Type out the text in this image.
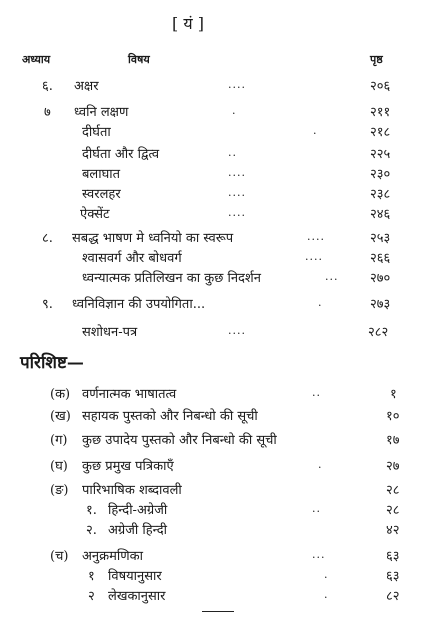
[ यं ]
अध्याय	विषय	पृष्ठ
६. अक्षर	....	२०६
७ ध्वनि लक्षण	.	२११
दीर्घता	.	२१८
दीर्घता और द्वित्व	..	२२५
बलाघात	....	२३०
स्वरलहर	....	२३८
ऐक्सेंट	....	२४६
८. सबद्ध भाषण मे ध्वनियो का स्वरूप	....	२५३
श्वासवर्ग और बोधवर्ग	....	२६६
ध्वन्यात्मक प्रतिलिखन का कुछ निदर्शन	... २७०
९. ध्वनिविज्ञान की उपयोगिता...	.	२७३
सशोधन-पत्र	....	२८२
परिशिष्ट—
(क) वर्णनात्मक भाषातत्व	..	१
(ख) सहायक पुस्तको और निबन्धो की सूची	१०
(ग) कुछ उपादेय पुस्तको और निबन्धो की सूची	१७
(घ) कुछ प्रमुख पत्रिकाएँ	.	२७
(ङ) पारिभाषिक शब्दावली	२८
१. हिन्दी-अग्रेजी	..	२८
२. अग्रेजी हिन्दी	४२
(च) अनुक्रमणिका	...	६३
१ विषयानुसार	.	६३
२ लेखकानुसार	.	८२
